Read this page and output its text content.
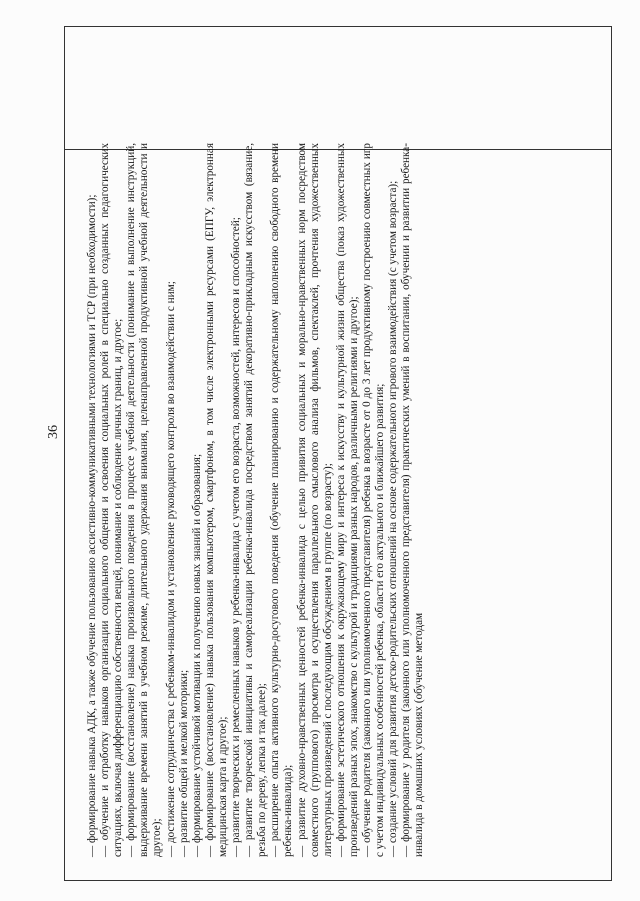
36 — формирование навыка АДК, а также обучение пользованию ассистивно-коммуникативными технологиями и ТСР (при необходимости); — обучение и отработку навыков организации социального общения и освоения социальных ролей в специально созданных педагогических ситуациях, включая дифференциацию собственности вещей, понимание и соблюдение личных границ, и другое; — формирование (восстановление) навыка произвольного поведения в процессе учебной деятельности (понимание и выполнение инструкций, выдерживание времени занятий в учебном режиме, длительного удержания внимания, целенаправленной продуктивной учебной деятельности и другое); — достижение сотрудничества с ребенком-инвалидом и установление руководящего контроля во взаимодействии с ним; — развитие общей и мелкой моторики; — формирование устойчивой мотивации к получению новых знаний и образования; — формирование (восстановление) навыка пользования компьютером, смартфоном, в том числе электронными ресурсами (ЕПГУ, электронная медицинская карта и другое); — развитие творческих и ремесленных навыков у ребенка-инвалида с учетом его возраста, возможностей, интересов и способностей; — развитие творческой инициативы и самореализации ребенка-инвалида посредством занятий декоративно-прикладным искусством (вязание, резьба по дереву, лепка и так далее); — расширение опыта активного культурно-досугового поведения (обучение планированию и содержательному наполнению свободного времени ребенка-инвалида); — развитие духовно-нравственных ценностей ребенка-инвалида с целью привития социальных и морально-нравственных норм посредством совместного (группового) просмотра и осуществления параллельного смыслового анализа фильмов, спектаклей, прочтения художественных литературных произведений с последующим обсуждением в группе (по возрасту); — формирование эстетического отношения к окружающему миру и интереса к искусству и культурной жизни общества (показ художественных произведений разных эпох, знакомство с культурой и традициями разных народов, различными религиями и другое); — обучение родителя (законного или уполномоченного представителя) ребенка в возрасте от 0 до 3 лет продуктивному построению совместных игр с учетом индивидуальных особенностей ребенка, области его актуального и ближайшего развития; — создание условий для развития детско-родительских отношений на основе содержательного игрового взаимодействия (с учетом возраста); — формирование у родителя (законного или уполномоченного представителя) практических умений в воспитании, обучении и развитии ребенка-инвалида в домашних условиях (обучение методам
